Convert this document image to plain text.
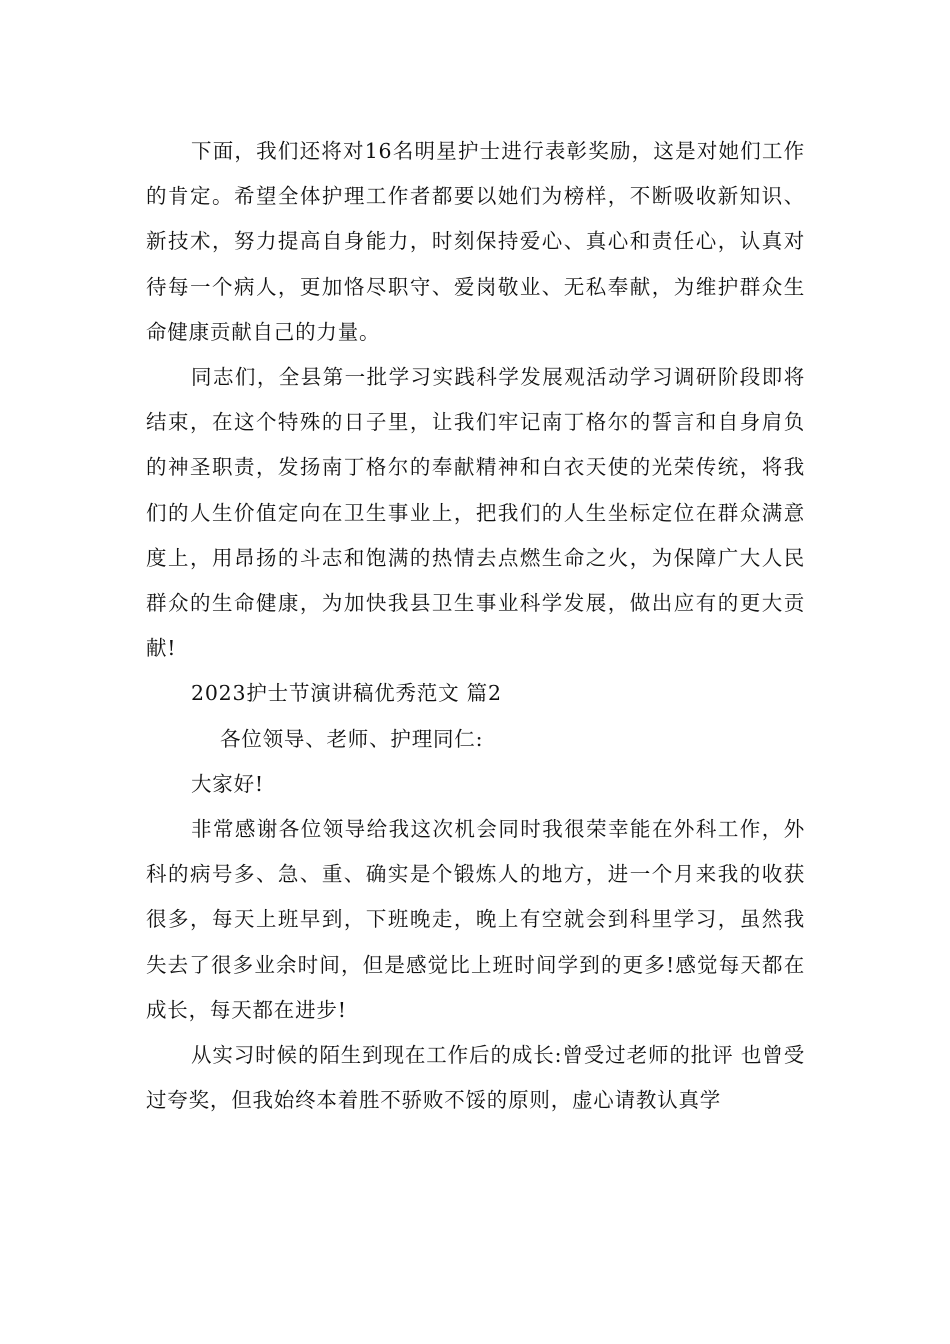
下面，我们还将对16名明星护士进行表彰奖励，这是对她们工作的肯定。希望全体护理工作者都要以她们为榜样，不断吸收新知识、新技术，努力提高自身能力，时刻保持爱心、真心和责任心，认真对待每一个病人，更加恪尽职守、爱岗敬业、无私奉献，为维护群众生命健康贡献自己的力量。

同志们，全县第一批学习实践科学发展观活动学习调研阶段即将结束，在这个特殊的日子里，让我们牢记南丁格尔的誓言和自身肩负的神圣职责，发扬南丁格尔的奉献精神和白衣天使的光荣传统，将我们的人生价值定向在卫生事业上，把我们的人生坐标定位在群众满意度上，用昂扬的斗志和饱满的热情去点燃生命之火，为保障广大人民群众的生命健康，为加快我县卫生事业科学发展，做出应有的更大贡献!

2023护士节演讲稿优秀范文 篇2

各位领导、老师、护理同仁:

大家好!

非常感谢各位领导给我这次机会同时我很荣幸能在外科工作，外科的病号多、急、重、确实是个锻炼人的地方，进一个月来我的收获很多，每天上班早到，下班晚走，晚上有空就会到科里学习，虽然我失去了很多业余时间，但是感觉比上班时间学到的更多!感觉每天都在成长，每天都在进步!

从实习时候的陌生到现在工作后的成长:曾受过老师的批评 也曾受过夸奖，但我始终本着胜不骄败不馁的原则，虚心请教认真学
